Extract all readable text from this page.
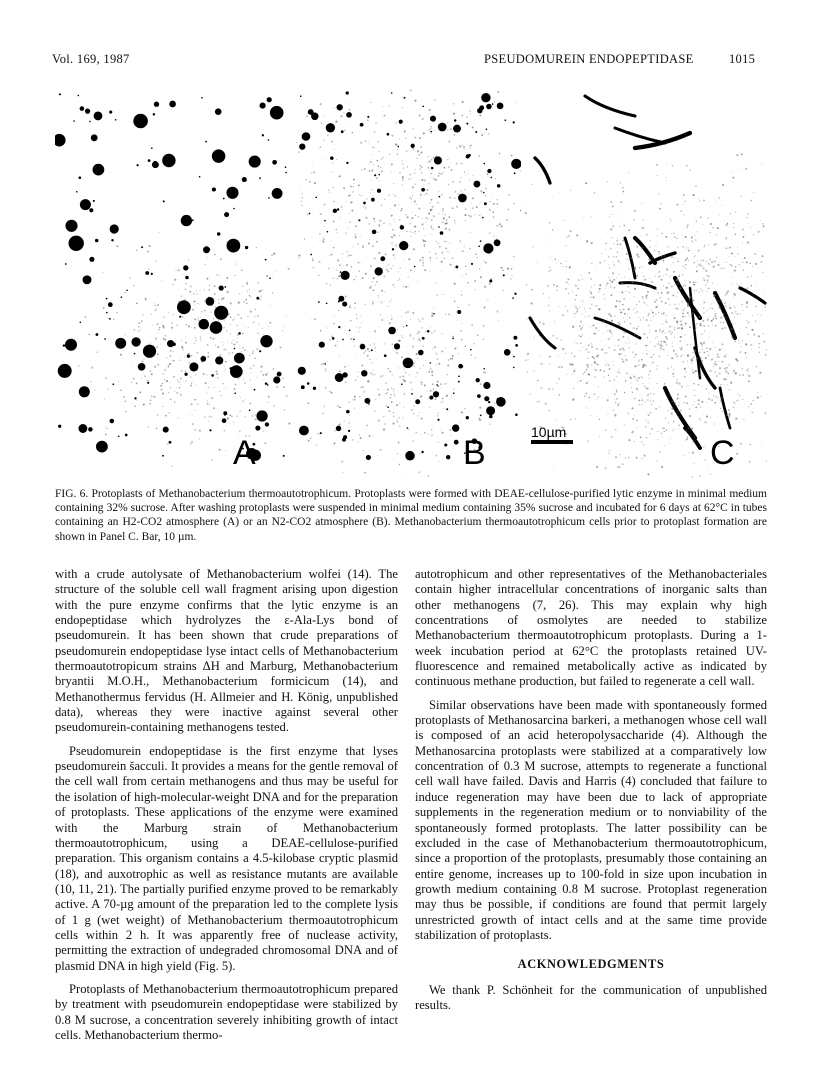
Vol. 169, 1987	PSEUDOMUREIN ENDOPEPTIDASE	1015
A	B
10µm
C
FIG. 6. Protoplasts of Methanobacterium thermoautotrophicum. Protoplasts were formed with DEAE-cellulose-purified lytic enzyme in minimal medium containing 32% sucrose. After washing protoplasts were suspended in minimal medium containing 35% sucrose and incubated for 6 days at 62°C in tubes containing an H2-CO2 atmosphere (A) or an N2-CO2 atmosphere (B). Methanobacterium thermoautotrophicum cells prior to protoplast formation are shown in Panel C. Bar, 10 µm.

with a crude autolysate of Methanobacterium wolfei (14). The structure of the soluble cell wall fragment arising upon digestion with the pure enzyme confirms that the lytic enzyme is an endopeptidase which hydrolyzes the ε-Ala-Lys bond of pseudomurein. It has been shown that crude preparations of pseudomurein endopeptidase lyse intact cells of Methanobacterium thermoautotropicum strains ΔH and Marburg, Methanobacterium bryantii M.O.H., Methanobacterium formicicum (14), and Methanothermus fervidus (H. Allmeier and H. König, unpublished data), whereas they were inactive against several other pseudomurein-containing methanogens tested.

Pseudomurein endopeptidase is the first enzyme that lyses pseudomurein šacculi. It provides a means for the gentle removal of the cell wall from certain methanogens and thus may be useful for the isolation of high-molecular-weight DNA and for the preparation of protoplasts. These applications of the enzyme were examined with the Marburg strain of Methanobacterium thermoautotrophicum, using a DEAE-cellulose-purified preparation. This organism contains a 4.5-kilobase cryptic plasmid (18), and auxotrophic as well as resistance mutants are available (10, 11, 21). The partially purified enzyme proved to be remarkably active. A 70-µg amount of the preparation led to the complete lysis of 1 g (wet weight) of Methanobacterium thermoautotrophicum cells within 2 h. It was apparently free of nuclease activity, permitting the extraction of undegraded chromosomal DNA and of plasmid DNA in high yield (Fig. 5).

Protoplasts of Methanobacterium thermoautotrophicum prepared by treatment with pseudomurein endopeptidase were stabilized by 0.8 M sucrose, a concentration severely inhibiting growth of intact cells. Methanobacterium thermo-

autotrophicum and other representatives of the Methanobacteriales contain higher intracellular concentrations of inorganic salts than other methanogens (7, 26). This may explain why high concentrations of osmolytes are needed to stabilize Methanobacterium thermoautotrophicum protoplasts. During a 1-week incubation period at 62°C the protoplasts retained UV-fluorescence and remained metabolically active as indicated by continuous methane production, but failed to regenerate a cell wall.

Similar observations have been made with spontaneously formed protoplasts of Methanosarcina barkeri, a methanogen whose cell wall is composed of an acid heteropolysaccharide (4). Although the Methanosarcina protoplasts were stabilized at a comparatively low concentration of 0.3 M sucrose, attempts to regenerate a functional cell wall have failed. Davis and Harris (4) concluded that failure to induce regeneration may have been due to lack of appropriate supplements in the regeneration medium or to nonviability of the spontaneously formed protoplasts. The latter possibility can be excluded in the case of Methanobacterium thermoautotrophicum, since a proportion of the protoplasts, presumably those containing an entire genome, increases up to 100-fold in size upon incubation in growth medium containing 0.8 M sucrose. Protoplast regeneration may thus be possible, if conditions are found that permit largely unrestricted growth of intact cells and at the same time provide stabilization of protoplasts.

ACKNOWLEDGMENTS

We thank P. Schönheit for the communication of unpublished results.
